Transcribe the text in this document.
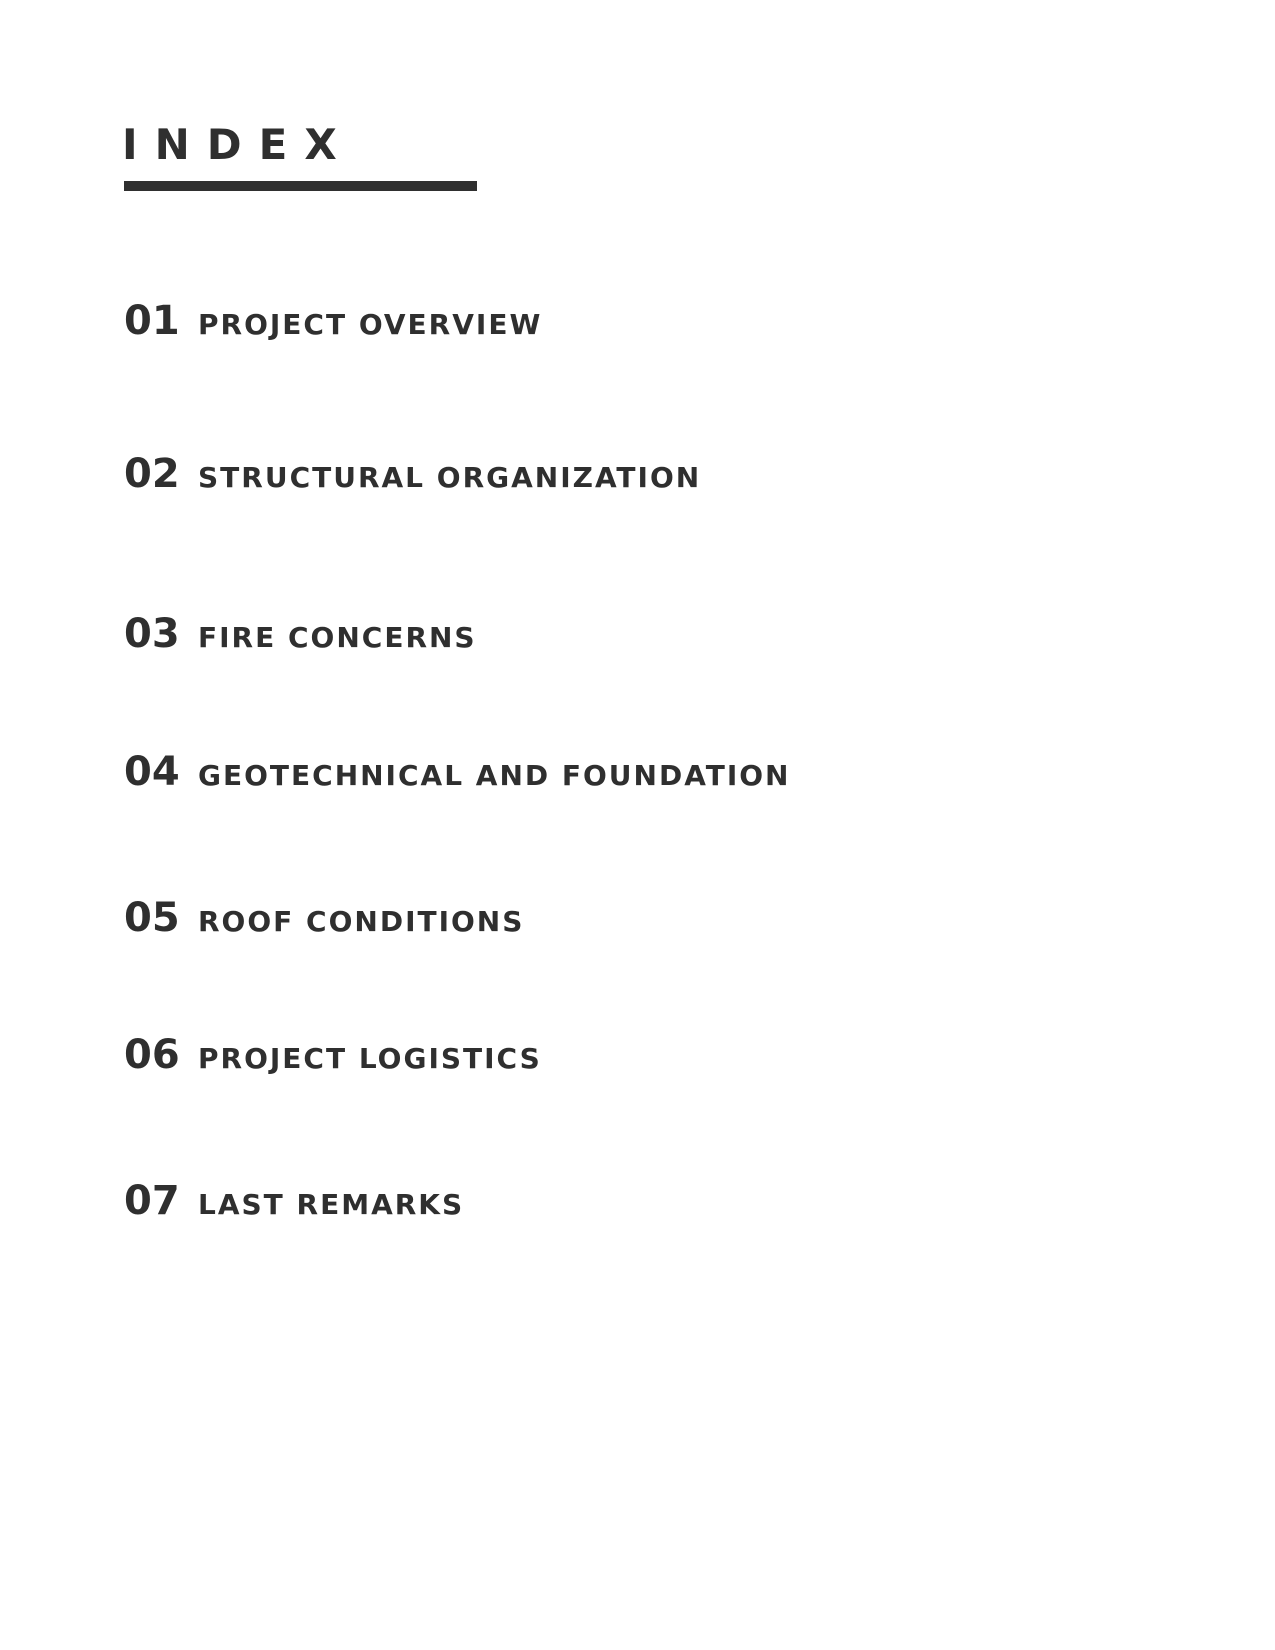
INDEX
01 PROJECT OVERVIEW
02 STRUCTURAL ORGANIZATION
03 FIRE CONCERNS
04 GEOTECHNICAL AND FOUNDATION
05 ROOF CONDITIONS
06 PROJECT LOGISTICS
07 LAST REMARKS
